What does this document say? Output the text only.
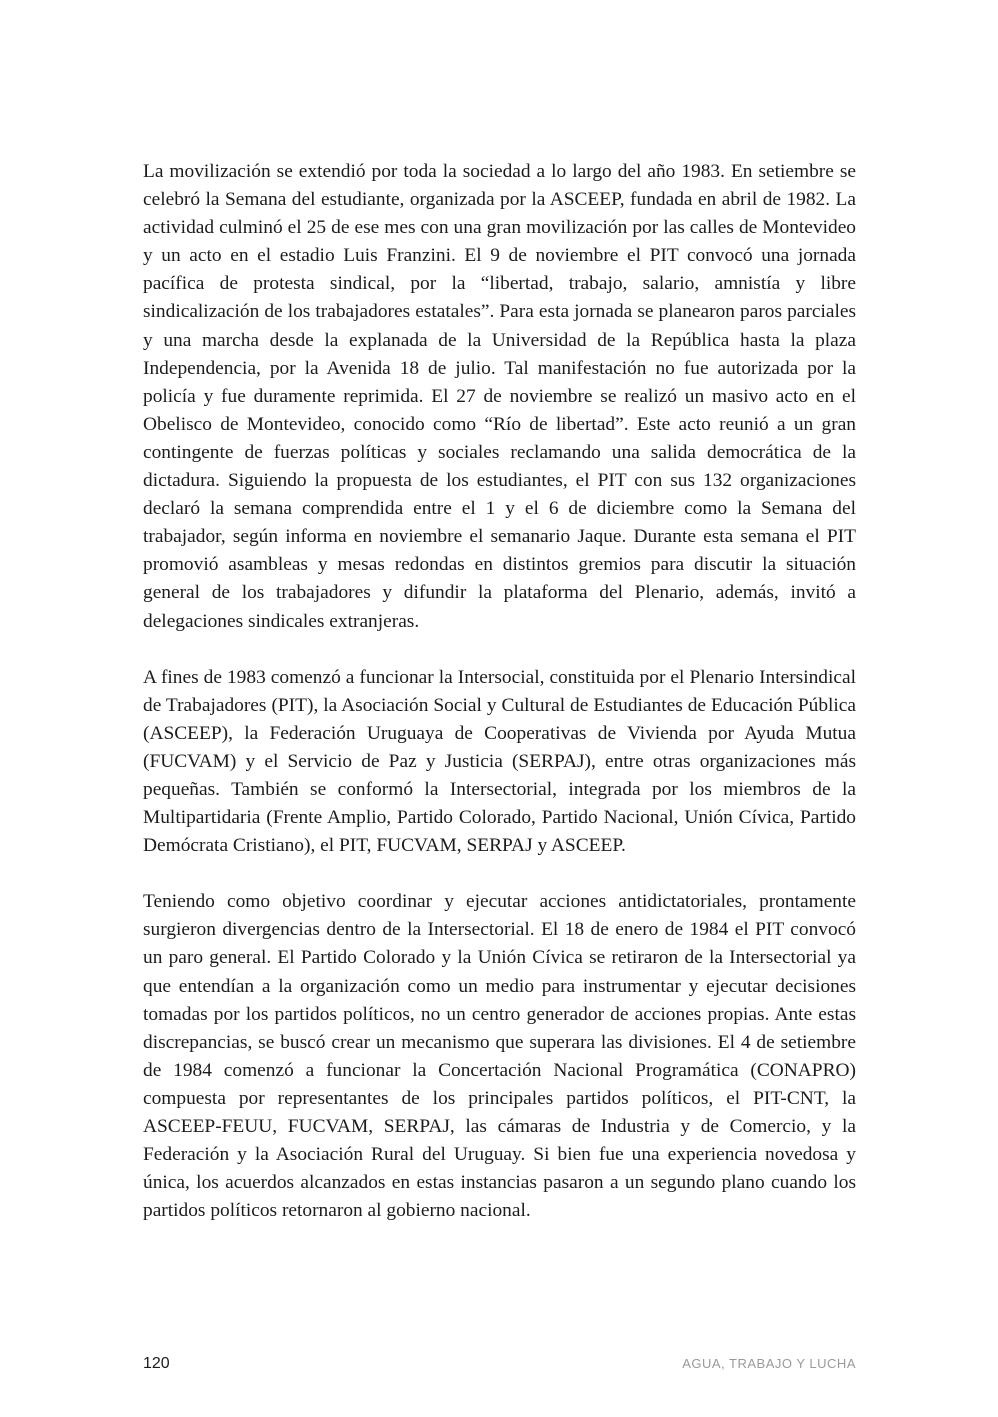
La movilización se extendió por toda la sociedad a lo largo del año 1983. En setiembre se celebró la Semana del estudiante, organizada por la ASCEEP, fundada en abril de 1982. La actividad culminó el 25 de ese mes con una gran movilización por las calles de Montevideo y un acto en el estadio Luis Franzini. El 9 de noviembre el PIT convocó una jornada pacífica de protesta sindical, por la “libertad, trabajo, salario, amnistía y libre sindicalización de los trabajadores estatales”. Para esta jornada se planearon paros parciales y una marcha desde la explanada de la Universidad de la República hasta la plaza Independencia, por la Avenida 18 de julio. Tal manifestación no fue autorizada por la policía y fue duramente reprimida. El 27 de noviembre se realizó un masivo acto en el Obelisco de Montevideo, conocido como “Río de libertad”. Este acto reunió a un gran contingente de fuerzas políticas y sociales reclamando una salida democrática de la dictadura. Siguiendo la propuesta de los estudiantes, el PIT con sus 132 organizaciones declaró la semana comprendida entre el 1 y el 6 de diciembre como la Semana del trabajador, según informa en noviembre el semanario Jaque. Durante esta semana el PIT promovió asambleas y mesas redondas en distintos gremios para discutir la situación general de los trabajadores y difundir la plataforma del Plenario, además, invitó a delegaciones sindicales extranjeras.

A fines de 1983 comenzó a funcionar la Intersocial, constituida por el Plenario Intersindical de Trabajadores (PIT), la Asociación Social y Cultural de Estudiantes de Educación Pública (ASCEEP), la Federación Uruguaya de Cooperativas de Vivienda por Ayuda Mutua (FUCVAM) y el Servicio de Paz y Justicia (SERPAJ), entre otras organizaciones más pequeñas. También se conformó la Intersectorial, integrada por los miembros de la Multipartidaria (Frente Amplio, Partido Colorado, Partido Nacional, Unión Cívica, Partido Demócrata Cristiano), el PIT, FUCVAM, SERPAJ y ASCEEP.

Teniendo como objetivo coordinar y ejecutar acciones antidictatoriales, prontamente surgieron divergencias dentro de la Intersectorial. El 18 de enero de 1984 el PIT convocó un paro general. El Partido Colorado y la Unión Cívica se retiraron de la Intersectorial ya que entendían a la organización como un medio para instrumentar y ejecutar decisiones tomadas por los partidos políticos, no un centro generador de acciones propias. Ante estas discrepancias, se buscó crear un mecanismo que superara las divisiones. El 4 de setiembre de 1984 comenzó a funcionar la Concertación Nacional Programática (CONAPRO) compuesta por representantes de los principales partidos políticos, el PIT-CNT, la ASCEEP-FEUU, FUCVAM, SERPAJ, las cámaras de Industria y de Comercio, y la Federación y la Asociación Rural del Uruguay. Si bien fue una experiencia novedosa y única, los acuerdos alcanzados en estas instancias pasaron a un segundo plano cuando los partidos políticos retornaron al gobierno nacional.

120	AGUA, TRABAJO Y LUCHA
